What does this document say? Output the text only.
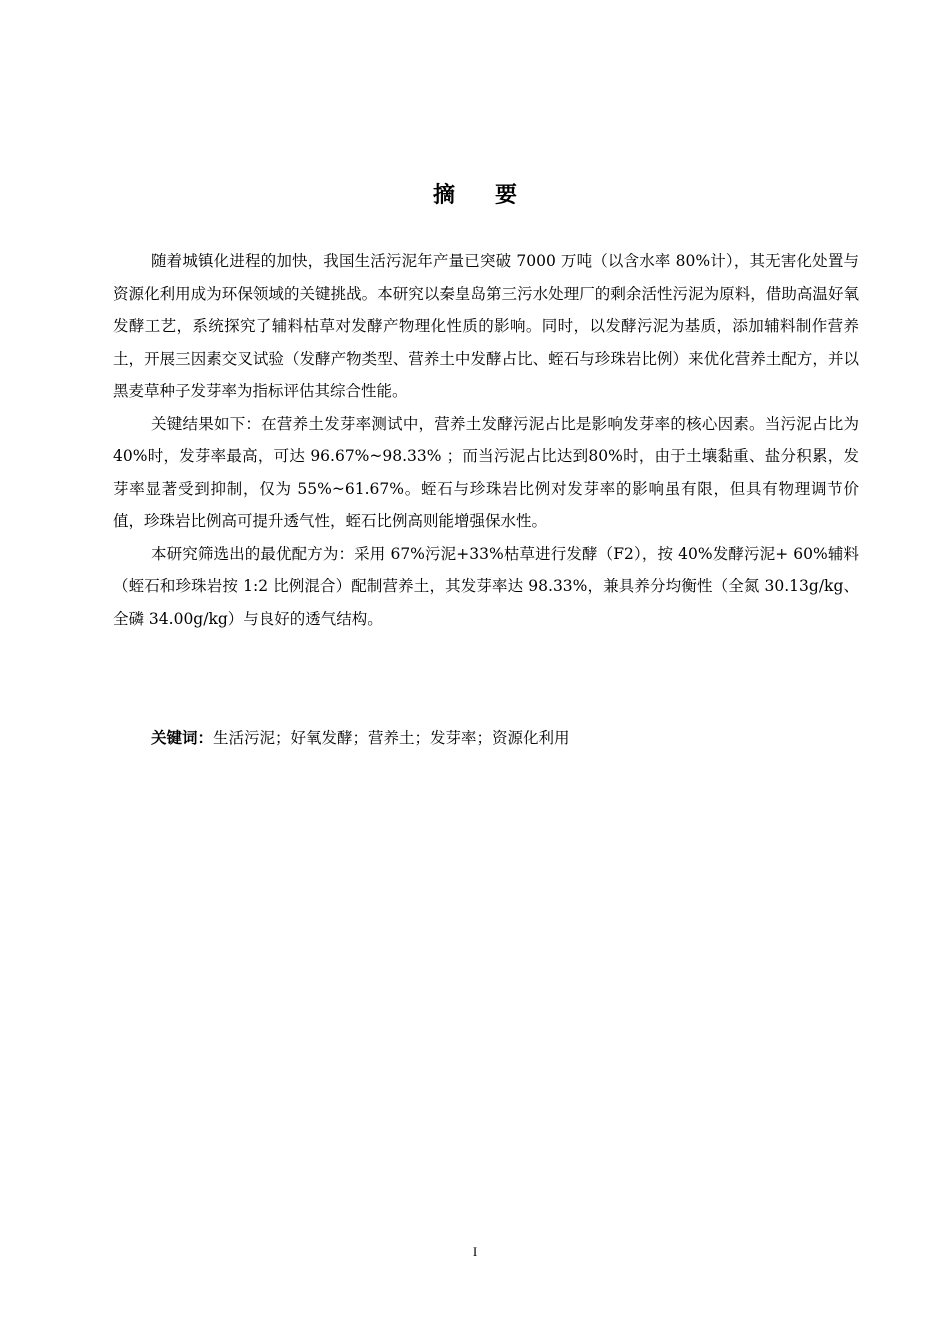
摘要

随着城镇化进程的加快，我国生活污泥年产量已突破 7000 万吨（以含水率 80%计），其无害化处置与资源化利用成为环保领域的关键挑战。本研究以秦皇岛第三污水处理厂的剩余活性污泥为原料，借助高温好氧发酵工艺，系统探究了辅料枯草对发酵产物理化性质的影响。同时，以发酵污泥为基质，添加辅料制作营养土，开展三因素交叉试验（发酵产物类型、营养土中发酵占比、蛭石与珍珠岩比例）来优化营养土配方，并以黑麦草种子发芽率为指标评估其综合性能。

关键结果如下：在营养土发芽率测试中，营养土发酵污泥占比是影响发芽率的核心因素。当污泥占比为 40%时，发芽率最高，可达 96.67%~98.33% ；而当污泥占比达到80%时，由于土壤黏重、盐分积累，发芽率显著受到抑制，仅为 55%~61.67%。蛭石与珍珠岩比例对发芽率的影响虽有限，但具有物理调节价值，珍珠岩比例高可提升透气性，蛭石比例高则能增强保水性。

本研究筛选出的最优配方为：采用 67%污泥+33%枯草进行发酵（F2），按 40%发酵污泥+ 60%辅料（蛭石和珍珠岩按 1:2 比例混合）配制营养土，其发芽率达 98.33%，兼具养分均衡性（全氮 30.13g/kg、全磷 34.00g/kg）与良好的透气结构。

关键词：生活污泥；好氧发酵；营养土；发芽率；资源化利用
I
